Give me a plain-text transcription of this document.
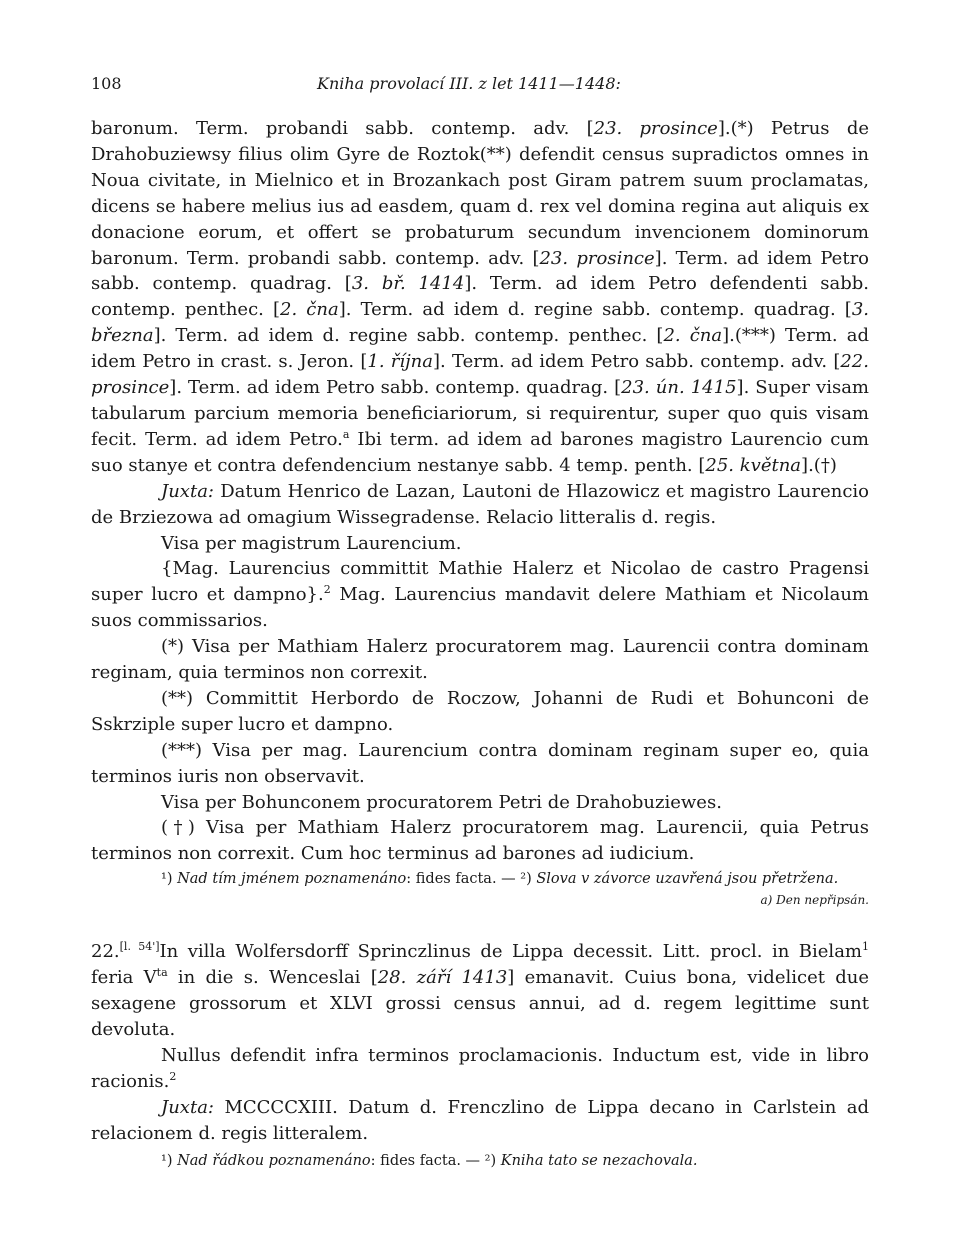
108	Kniha provolací III. z let 1411—1448:

baronum. Term. probandi sabb. contemp. adv. [23. prosince].(*) Petrus de Drahobuziewsy filius olim Gyre de Roztok(**) defendit census supradictos omnes in Noua civitate, in Mielnico et in Brozankach post Giram patrem suum proclamatas, dicens se habere melius ius ad easdem, quam d. rex vel domina regina aut aliquis ex donacione eorum, et offert se probaturum secundum invencionem dominorum baronum. Term. probandi sabb. contemp. adv. [23. prosince]. Term. ad idem Petro sabb. contemp. quadrag. [3. bř. 1414]. Term. ad idem Petro defendenti sabb. contemp. penthec. [2. čna]. Term. ad idem d. regine sabb. contemp. quadrag. [3. března]. Term. ad idem d. regine sabb. contemp. penthec. [2. čna].(***) Term. ad idem Petro in crast. s. Jeron. [1. října]. Term. ad idem Petro sabb. contemp. adv. [22. prosince]. Term. ad idem Petro sabb. contemp. quadrag. [23. ún. 1415]. Super visam tabularum parcium memoria beneficiariorum, si requirentur, super quo quis visam fecit. Term. ad idem Petro.$^a$ Ibi term. ad idem ad barones magistro Laurencio cum suo stanye et contra defendencium nestanye sabb. 4 temp. penth. [25. května].(†)

Juxta: Datum Henrico de Lazan, Lautoni de Hlazowicz et magistro Laurencio de Brziezowa ad omagium Wissegradense. Relacio litteralis d. regis.

Visa per magistrum Laurencium.

{Mag. Laurencius committit Mathie Halerz et Nicolao de castro Pragensi super lucro et dampno}.$^2$ Mag. Laurencius mandavit delere Mathiam et Nicolaum suos commissarios.

(*) Visa per Mathiam Halerz procuratorem mag. Laurencii contra dominam reginam, quia terminos non correxit.

(**) Committit Herbordo de Roczow, Johanni de Rudi et Bohunconi de Sskrziple super lucro et dampno.

(***) Visa per mag. Laurencium contra dominam reginam super eo, quia terminos iuris non observavit.

Visa per Bohunconem procuratorem Petri de Drahobuziewes.

(†) Visa per Mathiam Halerz procuratorem mag. Laurencii, quia Petrus terminos non correxit. Cum hoc terminus ad barones ad iudicium.

¹) Nad tím jménem poznamenáno: fides facta. — ²) Slova v závorce uzavřená jsou přetržena.
a) Den nepřipsán.

22.[l. 54']In villa Wolfersdorff Sprinczlinus de Lippa decessit. Litt. procl. in Bielam$^1$ feria $V^{ta}$ in die s. Wenceslai [28. září 1413] emanavit. Cuius bona, videlicet due sexagene grossorum et XLVI grossi census annui, ad d. regem legittime sunt devoluta.

Nullus defendit infra terminos proclamacionis. Inductum est, vide in libro racionis.$^2$

Juxta: MCCCCXIII. Datum d. Frenczlino de Lippa decano in Carlstein ad relacionem d. regis litteralem.

¹) Nad řádkou poznamenáno: fides facta. — ²) Kniha tato se nezachovala.
